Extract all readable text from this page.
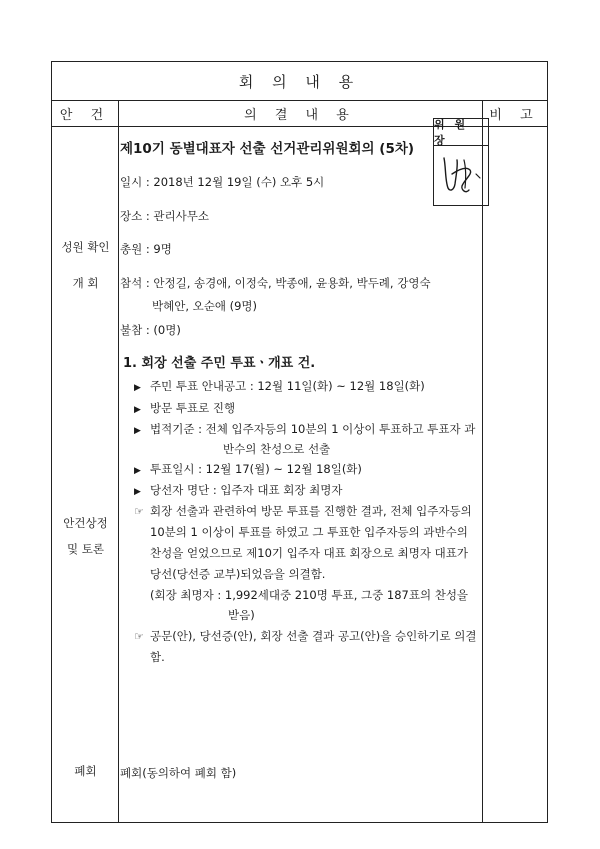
회 의 내 용
안 건	의 결 내 용	비 고
성원 확인
개 회
안건상정
및 토론
폐회
제10기 동별대표자 선출 선거관리위원회의 (5차)
일시 : 2018년 12월 19일 (수) 오후 5시
장소 : 관리사무소
총원 : 9명
참석 : 안정길, 송경애, 이정숙, 박종애, 윤용화, 박두례, 강영숙
박혜안, 오순애 (9명)
불참 : (0명)
1. 회장 선출 주민 투표ㆍ개표 건.
▶ 주민 투표 안내공고 : 12월 11일(화) ~ 12월 18일(화)
▶ 방문 투표로 진행
▶ 법적기준 : 전체 입주자등의 10분의 1 이상이 투표하고 투표자 과
반수의 찬성으로 선출
▶ 투표일시 : 12월 17(월) ~ 12월 18일(화)
▶ 당선자 명단 : 입주자 대표 회장 최명자
☞ 회장 선출과 관련하여 방문 투표를 진행한 결과, 전체 입주자등의
10분의 1 이상이 투표를 하였고 그 투표한 입주자등의 과반수의
찬성을 얻었으므로 제10기 입주자 대표 회장으로 최명자 대표가
당선(당선증 교부)되었음을 의결함.
(회장 최명자 : 1,992세대중 210명 투표, 그중 187표의 찬성을
받음)
☞ 공문(안), 당선증(안), 회장 선출 결과 공고(안)을 승인하기로 의결
함.
폐회(동의하여 폐회 함)
위 원 장
